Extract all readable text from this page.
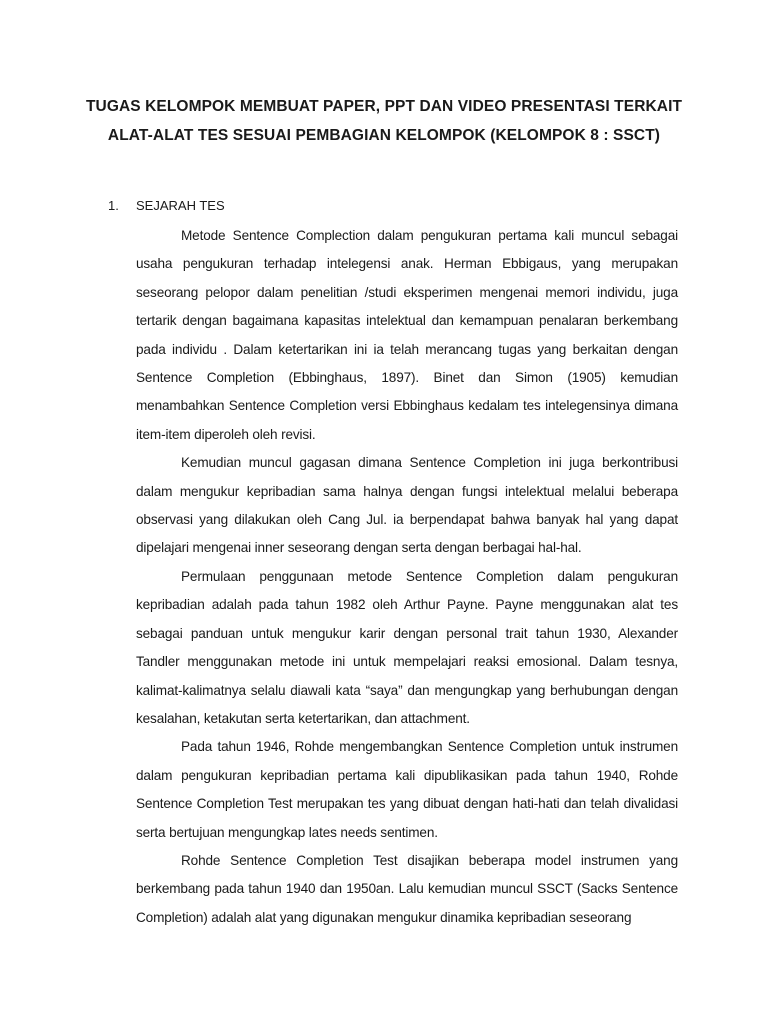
TUGAS KELOMPOK MEMBUAT PAPER, PPT DAN VIDEO PRESENTASI TERKAIT
ALAT-ALAT TES SESUAI PEMBAGIAN KELOMPOK (KELOMPOK 8 : SSCT)
1. SEJARAH TES

Metode Sentence Complection dalam pengukuran pertama kali muncul sebagai usaha pengukuran terhadap intelegensi anak. Herman Ebbigaus, yang merupakan seseorang pelopor dalam penelitian /studi eksperimen mengenai memori individu, juga tertarik dengan bagaimana kapasitas intelektual dan kemampuan penalaran berkembang pada individu . Dalam ketertarikan ini ia telah merancang tugas yang berkaitan dengan Sentence Completion (Ebbinghaus, 1897). Binet dan Simon (1905) kemudian menambahkan Sentence Completion versi Ebbinghaus kedalam tes intelegensinya dimana item-item diperoleh oleh revisi.

Kemudian muncul gagasan dimana Sentence Completion ini juga berkontribusi dalam mengukur kepribadian sama halnya dengan fungsi intelektual melalui beberapa observasi yang dilakukan oleh Cang Jul. ia berpendapat bahwa banyak hal yang dapat dipelajari mengenai inner seseorang dengan serta dengan berbagai hal-hal.

Permulaan penggunaan metode Sentence Completion dalam pengukuran kepribadian adalah pada tahun 1982 oleh Arthur Payne. Payne menggunakan alat tes sebagai panduan untuk mengukur karir dengan personal trait tahun 1930, Alexander Tandler menggunakan metode ini untuk mempelajari reaksi emosional. Dalam tesnya, kalimat-kalimatnya selalu diawali kata “saya” dan mengungkap yang berhubungan dengan kesalahan, ketakutan serta ketertarikan, dan attachment.

Pada tahun 1946, Rohde mengembangkan Sentence Completion untuk instrumen dalam pengukuran kepribadian pertama kali dipublikasikan pada tahun 1940, Rohde Sentence Completion Test merupakan tes yang dibuat dengan hati-hati dan telah divalidasi serta bertujuan mengungkap lates needs sentimen.

Rohde Sentence Completion Test disajikan beberapa model instrumen yang berkembang pada tahun 1940 dan 1950an. Lalu kemudian muncul SSCT (Sacks Sentence Completion) adalah alat yang digunakan mengukur dinamika kepribadian seseorang
